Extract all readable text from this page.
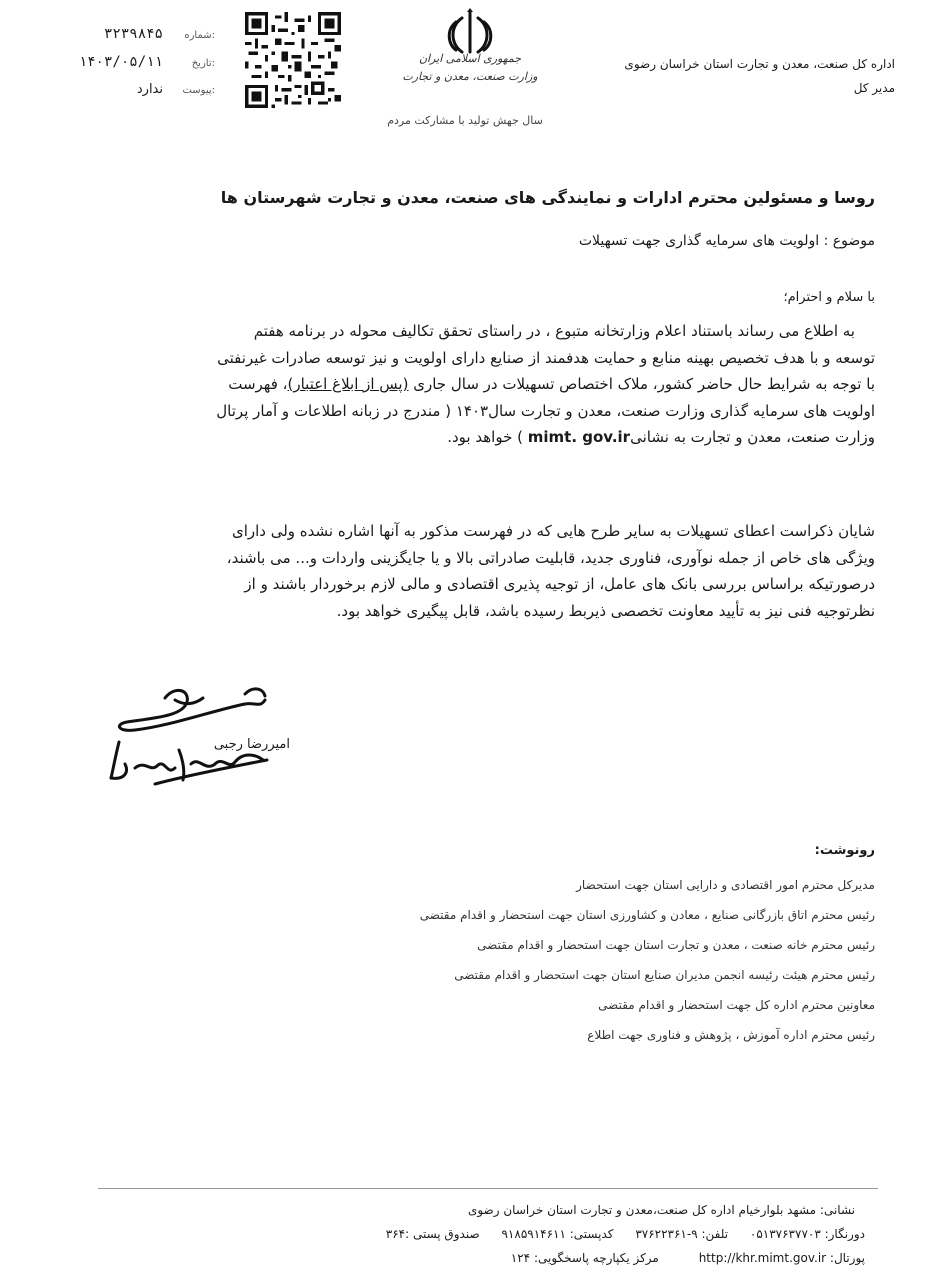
اداره کل صنعت، معدن و تجارت استان خراسان رضوی
مدیر کل
جمهوری اسلامی ایران
وزارت صنعت، معدن و تجارت
سال جهش تولید با مشارکت مردم
شماره:
۳۲۳۹۸۴۵
تاریخ:
۱۴۰۳/۰۵/۱۱
پیوست:
ندارد
روسا و مسئولین محترم ادارات و نمایندگی های صنعت، معدن و تجارت شهرستان ها
موضوع : اولویت های سرمایه گذاری جهت تسهیلات
با سلام و احترام؛
به اطلاع می رساند باستناد اعلام وزارتخانه متبوع ، در راستای تحقق تکالیف محوله در برنامه هفتم
توسعه و با هدف تخصیص بهینه منابع و حمایت هدفمند از صنایع دارای اولویت و نیز توسعه صادرات غیرنفتی
با توجه به شرایط حال حاضر کشور، ملاک اختصاص تسهیلات در سال جاری (پس از ابلاغ اعتبار)، فهرست
اولویت های سرمایه گذاری وزارت صنعت، معدن و تجارت سال۱۴۰۳ ( مندرج در زبانه اطلاعات و آمار پرتال
وزارت صنعت، معدن و تجارت به نشانیmimt. gov.ir ) خواهد بود.
شایان ذکراست اعطای تسهیلات به سایر طرح هایی که در فهرست مذکور به آنها اشاره نشده ولی دارای
ویژگی های خاص از جمله نوآوری، فناوری جدید، قابلیت صادراتی بالا و یا جایگزینی واردات و... می باشند،
درصورتیکه براساس بررسی بانک های عامل، از توجیه پذیری اقتصادی و مالی لازم برخوردار باشند و از
نظرتوجیه فنی نیز به تأیید معاونت تخصصی ذیربط رسیده باشد، قابل پیگیری خواهد بود.
امیررضا رجبی
رونوشت:
مدیرکل محترم امور اقتصادی و دارایی استان جهت استحضار
رئیس محترم اتاق بازرگانی صنایع ، معادن و کشاورزی استان جهت استحضار و اقدام مقتضی
رئیس محترم خانه صنعت ، معدن و تجارت استان جهت استحضار و اقدام مقتضی
رئیس محترم هیئت رئیسه انجمن مدیران صنایع استان جهت استحضار و اقدام مقتضی
معاونین محترم اداره کل جهت استحضار و اقدام مقتضی
رئیس محترم اداره آموزش ، پژوهش و فناوری جهت اطلاع
نشانی: مشهد بلوارخیام اداره کل صنعت،معدن و تجارت استان خراسان رضوی
دورنگار: ۰۵۱۳۷۶۳۷۷۰۳ تلفن: ۹-۳۷۶۲۲۳۶۱ کدپستی: ۹۱۸۵۹۱۴۶۱۱ صندوق پستی :۳۶۴
پورتال: http://khr.mimt.gov.ir مرکز یکپارچه پاسخگویی: ۱۲۴
